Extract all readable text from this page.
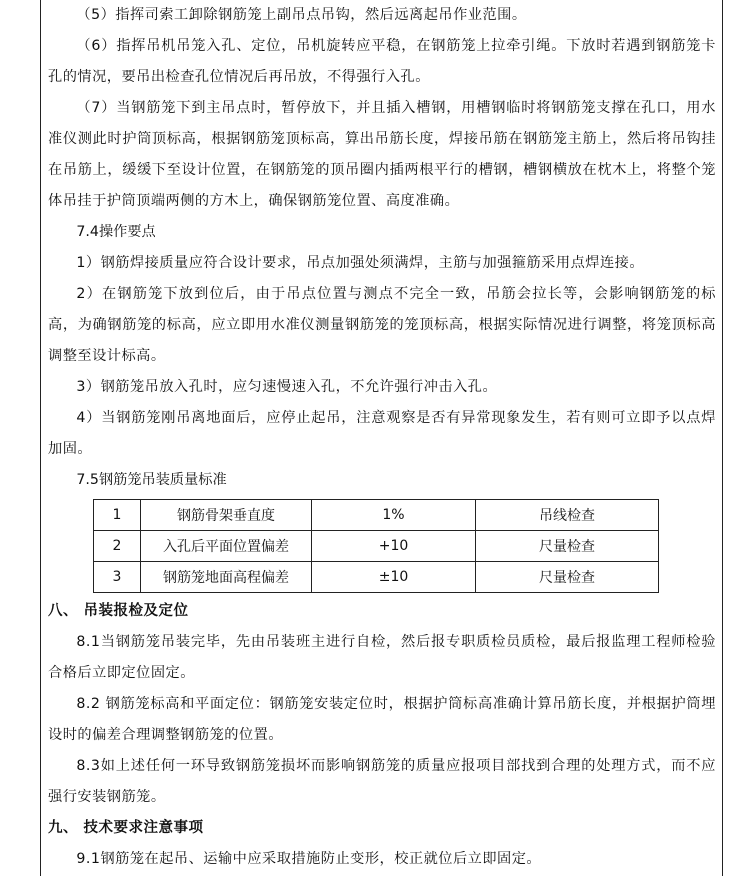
（5）指挥司索工卸除钢筋笼上副吊点吊钩，然后远离起吊作业范围。

（6）指挥吊机吊笼入孔、定位，吊机旋转应平稳，在钢筋笼上拉牵引绳。下放时若遇到钢筋笼卡孔的情况，要吊出检查孔位情况后再吊放，不得强行入孔。

（7）当钢筋笼下到主吊点时，暂停放下，并且插入槽钢，用槽钢临时将钢筋笼支撑在孔口，用水准仪测此时护筒顶标高，根据钢筋笼顶标高，算出吊筋长度，焊接吊筋在钢筋笼主筋上，然后将吊钩挂在吊筋上，缓缓下至设计位置，在钢筋笼的顶吊圈内插两根平行的槽钢，槽钢横放在枕木上，将整个笼体吊挂于护筒顶端两侧的方木上，确保钢筋笼位置、高度准确。

7.4操作要点

1）钢筋焊接质量应符合设计要求，吊点加强处须满焊，主筋与加强箍筋采用点焊连接。

2）在钢筋笼下放到位后，由于吊点位置与测点不完全一致，吊筋会拉长等，会影响钢筋笼的标高，为确钢筋笼的标高，应立即用水准仪测量钢筋笼的笼顶标高，根据实际情况进行调整，将笼顶标高调整至设计标高。

3）钢筋笼吊放入孔时，应匀速慢速入孔，不允许强行冲击入孔。

4）当钢筋笼刚吊离地面后，应停止起吊，注意观察是否有异常现象发生，若有则可立即予以点焊加固。

7.5钢筋笼吊装质量标准

1	钢筋骨架垂直度	1%	吊线检查
2	入孔后平面位置偏差	+10	尺量检查
3	钢筋笼地面高程偏差	±10	尺量检查

八、 吊装报检及定位

8.1当钢筋笼吊装完毕，先由吊装班主进行自检，然后报专职质检员质检，最后报监理工程师检验合格后立即定位固定。

8.2 钢筋笼标高和平面定位：钢筋笼安装定位时，根据护筒标高准确计算吊筋长度，并根据护筒埋设时的偏差合理调整钢筋笼的位置。

8.3如上述任何一环导致钢筋笼损坏而影响钢筋笼的质量应报项目部找到合理的处理方式，而不应强行安装钢筋笼。

九、 技术要求注意事项

9.1钢筋笼在起吊、运输中应采取措施防止变形，校正就位后立即固定。
